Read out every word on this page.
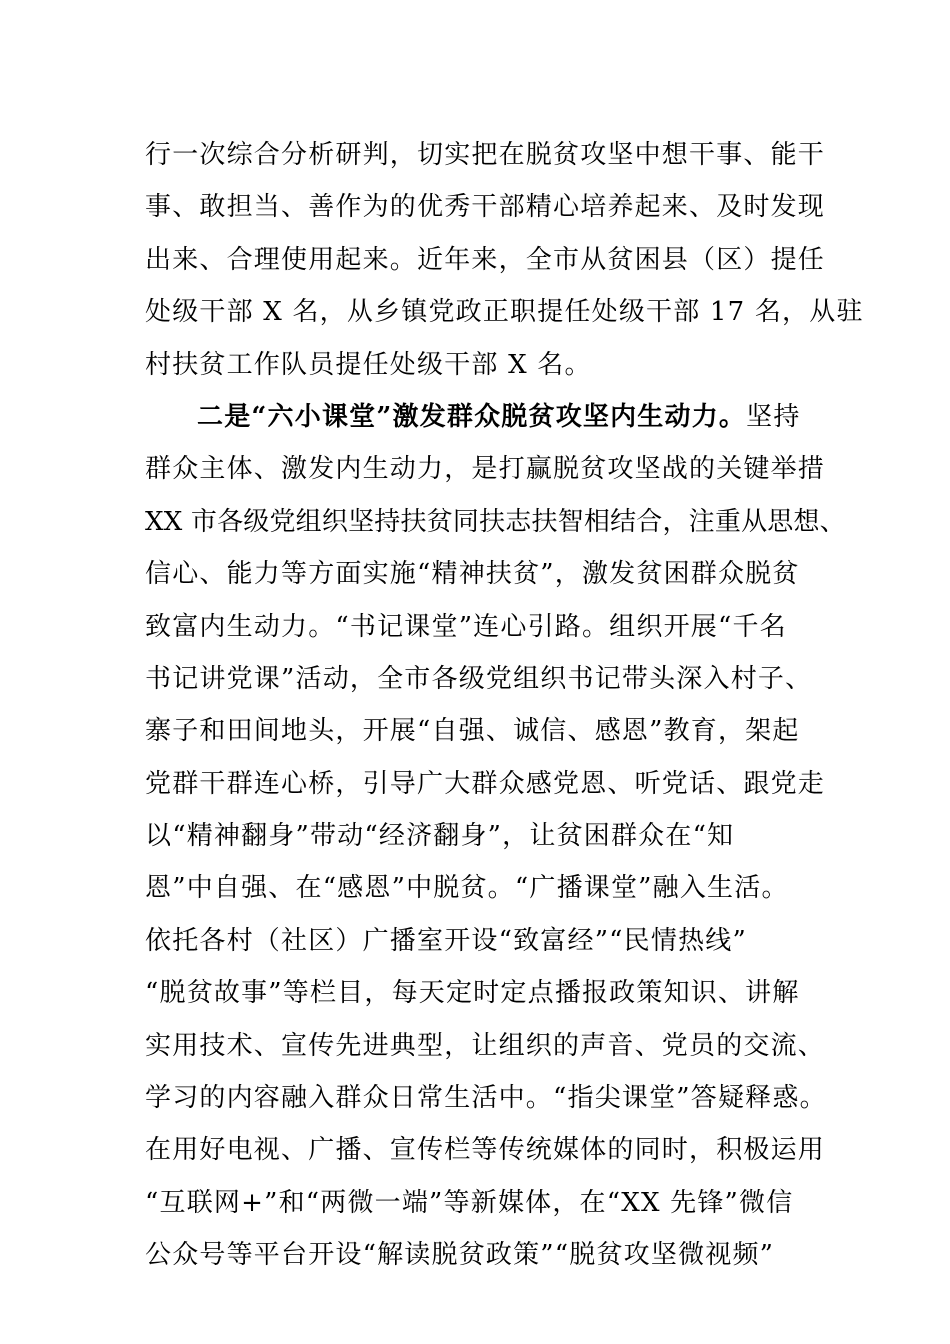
行一次综合分析研判，切实把在脱贫攻坚中想干事、能干
事、敢担当、善作为的优秀干部精心培养起来、及时发现
出来、合理使用起来。近年来，全市从贫困县（区）提任
处级干部 X 名，从乡镇党政正职提任处级干部 17 名，从驻
村扶贫工作队员提任处级干部 X 名。
二是“六小课堂”激发群众脱贫攻坚内生动力。坚持
群众主体、激发内生动力，是打赢脱贫攻坚战的关键举措
XX 市各级党组织坚持扶贫同扶志扶智相结合，注重从思想、
信心、能力等方面实施“精神扶贫”，激发贫困群众脱贫
致富内生动力。“书记课堂”连心引路。组织开展“千名
书记讲党课”活动，全市各级党组织书记带头深入村子、
寨子和田间地头，开展“自强、诚信、感恩”教育，架起
党群干群连心桥，引导广大群众感党恩、听党话、跟党走
以“精神翻身”带动“经济翻身”，让贫困群众在“知
恩”中自强、在“感恩”中脱贫。“广播课堂”融入生活。
依托各村（社区）广播室开设“致富经”“民情热线”
“脱贫故事”等栏目，每天定时定点播报政策知识、讲解
实用技术、宣传先进典型，让组织的声音、党员的交流、
学习的内容融入群众日常生活中。“指尖课堂”答疑释惑。
在用好电视、广播、宣传栏等传统媒体的同时，积极运用
“互联网+”和“两微一端”等新媒体，在“XX 先锋”微信
公众号等平台开设“解读脱贫政策”“脱贫攻坚微视频”
